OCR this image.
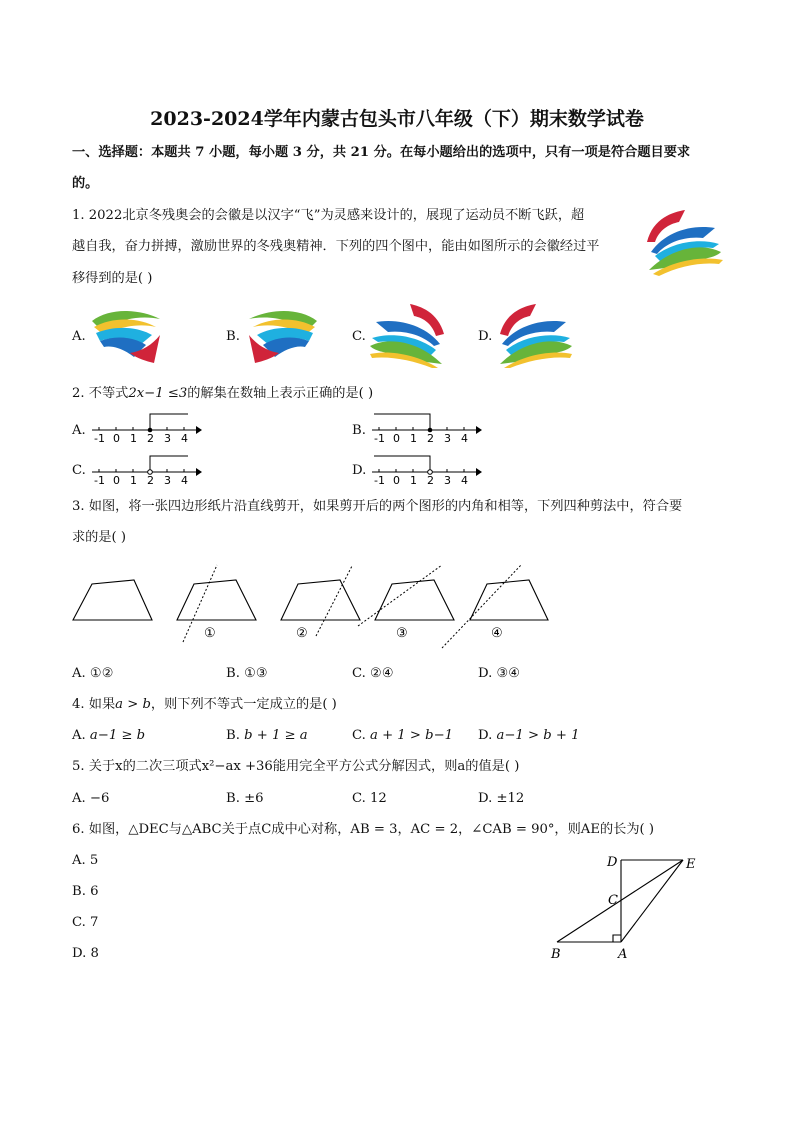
2023-2024学年内蒙古包头市八年级（下）期末数学试卷
一、选择题：本题共 7 小题，每小题 3 分，共 21 分。在每小题给出的选项中，只有一项是符合题目要求
的。
1. 2022北京冬残奥会的会徽是以汉字“飞”为灵感来设计的，展现了运动员不断飞跃，超
越自我，奋力拼搏，激励世界的冬残奥精神．下列的四个图中，能由如图所示的会徽经过平
移得到的是( )
A.	B.	C.	D.
2. 不等式2x−1 ≤3的解集在数轴上表示正确的是( )
A.
-1 0 1 2 3 4
B.
-1 0 1 2 3 4
C.
-1 0 1 2 3 4
D.
-1 0 1 2 3 4
3. 如图，将一张四边形纸片沿直线剪开，如果剪开后的两个图形的内角和相等，下列四种剪法中，符合要
求的是( )
①	②	③	④
A. ①②	B. ①③	C. ②④	D. ③④
4. 如果a > b，则下列不等式一定成立的是( )
A. a−1 ≥ b	B. b + 1 ≥ a	C. a + 1 > b−1 D. a−1 > b + 1
5. 关于x的二次三项式x²−ax +36能用完全平方公式分解因式，则a的值是( )
A. −6	B. ±6	C. 12	D. ±12
6. 如图，△DEC与△ABC关于点C成中心对称，AB = 3，AC = 2，∠CAB = 90°，则AE的长为( )
A. 5
B. 6
C. 7
D. 8
D	E
C
B	A
